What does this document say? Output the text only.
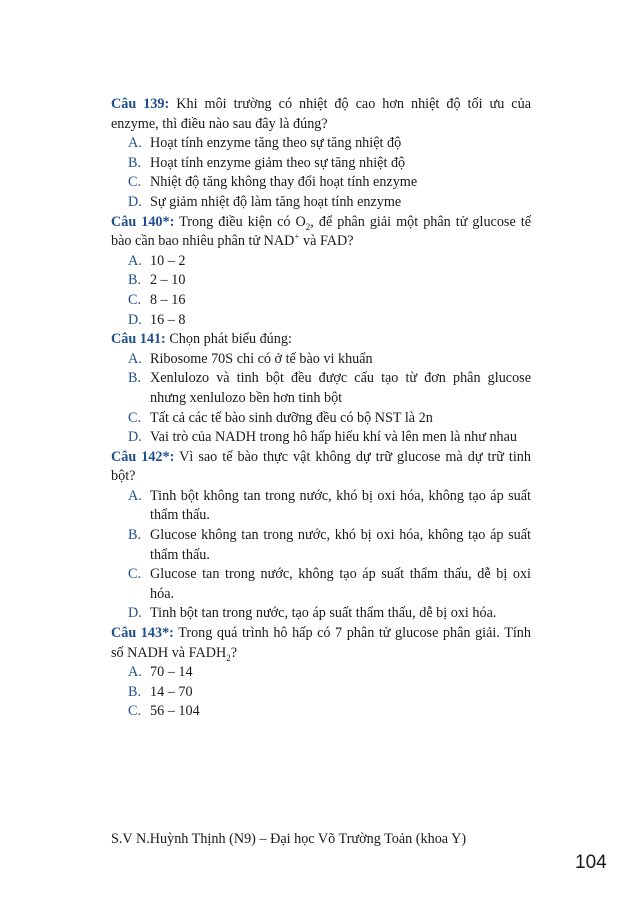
Câu 139: Khi môi trường có nhiệt độ cao hơn nhiệt độ tối ưu của enzyme, thì điều nào sau đây là đúng?
A. Hoạt tính enzyme tăng theo sự tăng nhiệt độ
B. Hoạt tính enzyme giảm theo sự tăng nhiệt độ
C. Nhiệt độ tăng không thay đổi hoạt tính enzyme
D. Sự giảm nhiệt độ làm tăng hoạt tính enzyme
Câu 140*: Trong điều kiện có $O_2$, để phân giải một phân tử glucose tế bào cần bao nhiêu phân tử NAD+ và FAD?
A. 10 – 2
B. 2 – 10
C. 8 – 16
D. 16 – 8
Câu 141: Chọn phát biểu đúng:
A. Ribosome 70S chỉ có ở tế bào vi khuẩn
B. Xenlulozo và tinh bột đều được cấu tạo từ đơn phân glucose nhưng xenlulozo bền hơn tinh bột
C. Tất cả các tế bào sinh dưỡng đều có bộ NST là 2n
D. Vai trò của NADH trong hô hấp hiếu khí và lên men là như nhau
Câu 142*: Vì sao tế bào thực vật không dự trữ glucose mà dự trữ tinh bột?
A. Tinh bột không tan trong nước, khó bị oxi hóa, không tạo áp suất thẩm thấu.
B. Glucose không tan trong nước, khó bị oxi hóa, không tạo áp suất thẩm thấu.
C. Glucose tan trong nước, không tạo áp suất thẩm thấu, dễ bị oxi hóa.
D. Tinh bột tan trong nước, tạo áp suất thẩm thấu, dễ bị oxi hóa.
Câu 143*: Trong quá trình hô hấp có 7 phân tử glucose phân giải. Tính số NADH và $FADH_2$?
A. 70 – 14
B. 14 – 70
C. 56 – 104
S.V N.Huỳnh Thịnh (N9) – Đại học Võ Trường Toản (khoa Y)
104
